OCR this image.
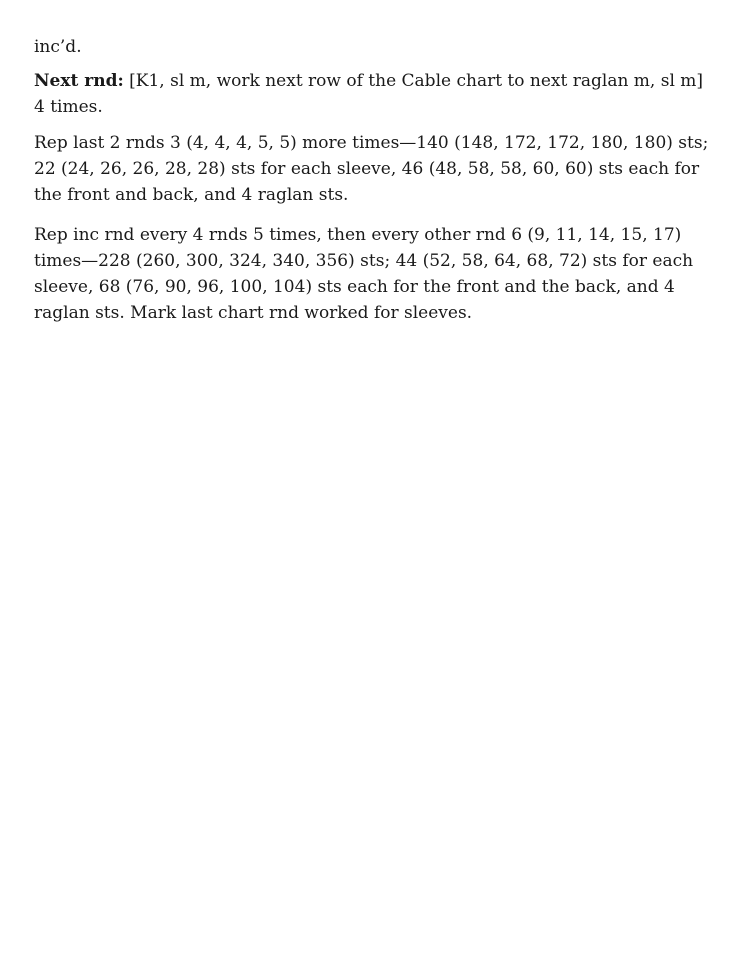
inc’d.

Next rnd: [K1, sl m, work next row of the Cable chart to next raglan m, sl m] 4 times.

Rep last 2 rnds 3 (4, 4, 4, 5, 5) more times—140 (148, 172, 172, 180, 180) sts; 22 (24, 26, 26, 28, 28) sts for each sleeve, 46 (48, 58, 58, 60, 60) sts each for the front and back, and 4 raglan sts.

Rep inc rnd every 4 rnds 5 times, then every other rnd 6 (9, 11, 14, 15, 17) times—228 (260, 300, 324, 340, 356) sts; 44 (52, 58, 64, 68, 72) sts for each sleeve, 68 (76, 90, 96, 100, 104) sts each for the front and the back, and 4 raglan sts. Mark last chart rnd worked for sleeves.
